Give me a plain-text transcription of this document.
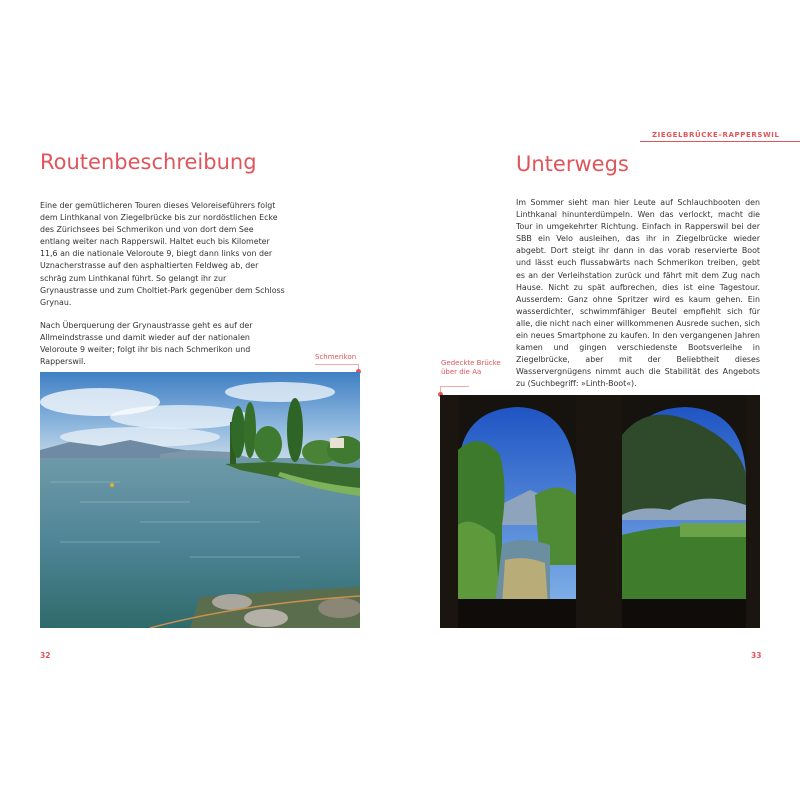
ZIEGELBRÜCKE–RAPPERSWIL
Routenbeschreibung

Eine der gemütlicheren Touren dieses Veloreiseführers folgt dem Linthkanal von Ziegelbrücke bis zur nordöstlichen Ecke des Zürichsees bei Schmerikon und von dort dem See entlang weiter nach Rapperswil. Haltet euch bis Kilometer 11,6 an die nationale Veloroute 9, biegt dann links von der Uznacherstrasse auf den asphaltierten Feldweg ab, der schräg zum Linthkanal führt. So gelangt ihr zur Grynaustrasse und zum Choltiet-Park gegenüber dem Schloss Grynau.

Nach Überquerung der Grynaustrasse geht es auf der Allmeindstrasse und damit wieder auf der nationalen Veloroute 9 weiter; folgt ihr bis nach Schmerikon und Rapperswil.

Schmerikon
32
Unterwegs

Im Sommer sieht man hier Leute auf Schlauchbooten den Linthkanal hinunterdümpeln. Wen das verlockt, macht die Tour in umgekehrter Richtung. Einfach in Rapperswil bei der SBB ein Velo ausleihen, das ihr in Ziegelbrücke wieder abgebt. Dort steigt ihr dann in das vorab reservierte Boot und lässt euch flussabwärts nach Schmerikon treiben, gebt es an der Verleihstation zurück und fährt mit dem Zug nach Hause. Nicht zu spät aufbrechen, dies ist eine Tagestour. Ausserdem: Ganz ohne Spritzer wird es kaum gehen. Ein wasserdichter, schwimmfähiger Beutel empfiehlt sich für alle, die nicht nach einer willkommenen Ausrede suchen, sich ein neues Smartphone zu kaufen. In den vergangenen Jahren kamen und gingen verschiedenste Bootsverleihe in Ziegelbrücke, aber mit der Beliebtheit dieses Wasservergnügens nimmt auch die Stabilität des Angebots zu (Suchbegriff: »Linth-Boot«).

Gedeckte Brücke über die Aa
33
